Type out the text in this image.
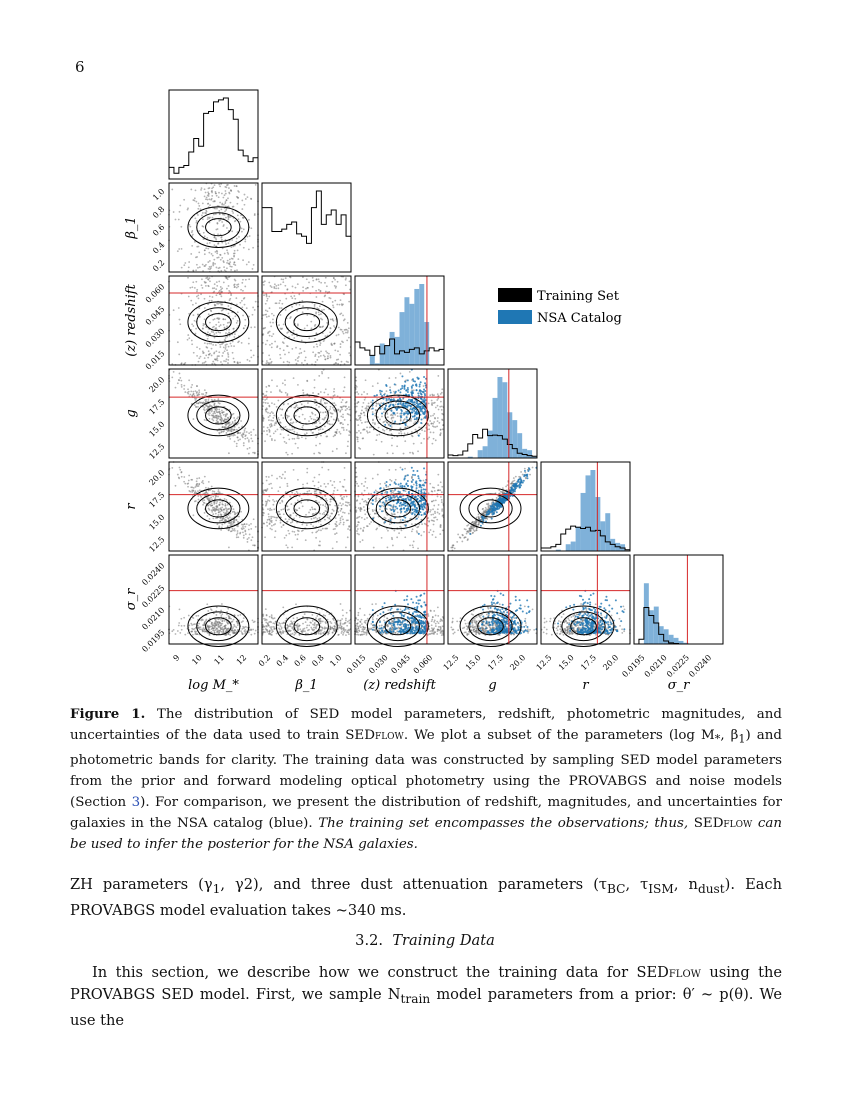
6
0.2
0.4
0.6
0.8
1.0
β_1
0.015
0.030
0.045
0.060
(z) redshift
12.5
15.0
17.5
20.0
g
12.5
15.0
17.5
20.0
r
9 10 11 12
log M_*
0.0195
0.0210
0.0225
0.0240
σ_r
0.2 0.4 0.6 0.8 1.0
β_1
0.015 0.030 0.045 0.060
(z) redshift
12.5 15.0 17.5 20.0
g
12.5 15.0 17.5 20.0
r
0.0195
0.0210
0.0225
0.0240
σ_r
Training Set
NSA Catalog
Figure 1. The distribution of SED model parameters, redshift, photometric magnitudes, and uncertainties of the data used to train SEDflow. We plot a subset of the parameters (log $M_*$, $\beta_1$) and photometric bands for clarity. The training data was constructed by sampling SED model parameters from the prior and forward modeling optical photometry using the PROVABGS and noise models (Section 3). For comparison, we present the distribution of redshift, magnitudes, and uncertainties for galaxies in the NSA catalog (blue). The training set encompasses the observations; thus, SEDflow can be used to infer the posterior for the NSA galaxies.
ZH parameters ($\gamma_1$, γ2), and three dust attenuation parameters ($\tau_{BC}$, $\tau_{ISM}$, $n_{dust}$). Each PROVABGS model evaluation takes ~340 ms.
3.2. Training Data
In this section, we describe how we construct the training data for SEDflow using the PROVABGS SED model. First, we sample $N_{train}$ model parameters from a prior: θ′ ~ p(θ). We use the
